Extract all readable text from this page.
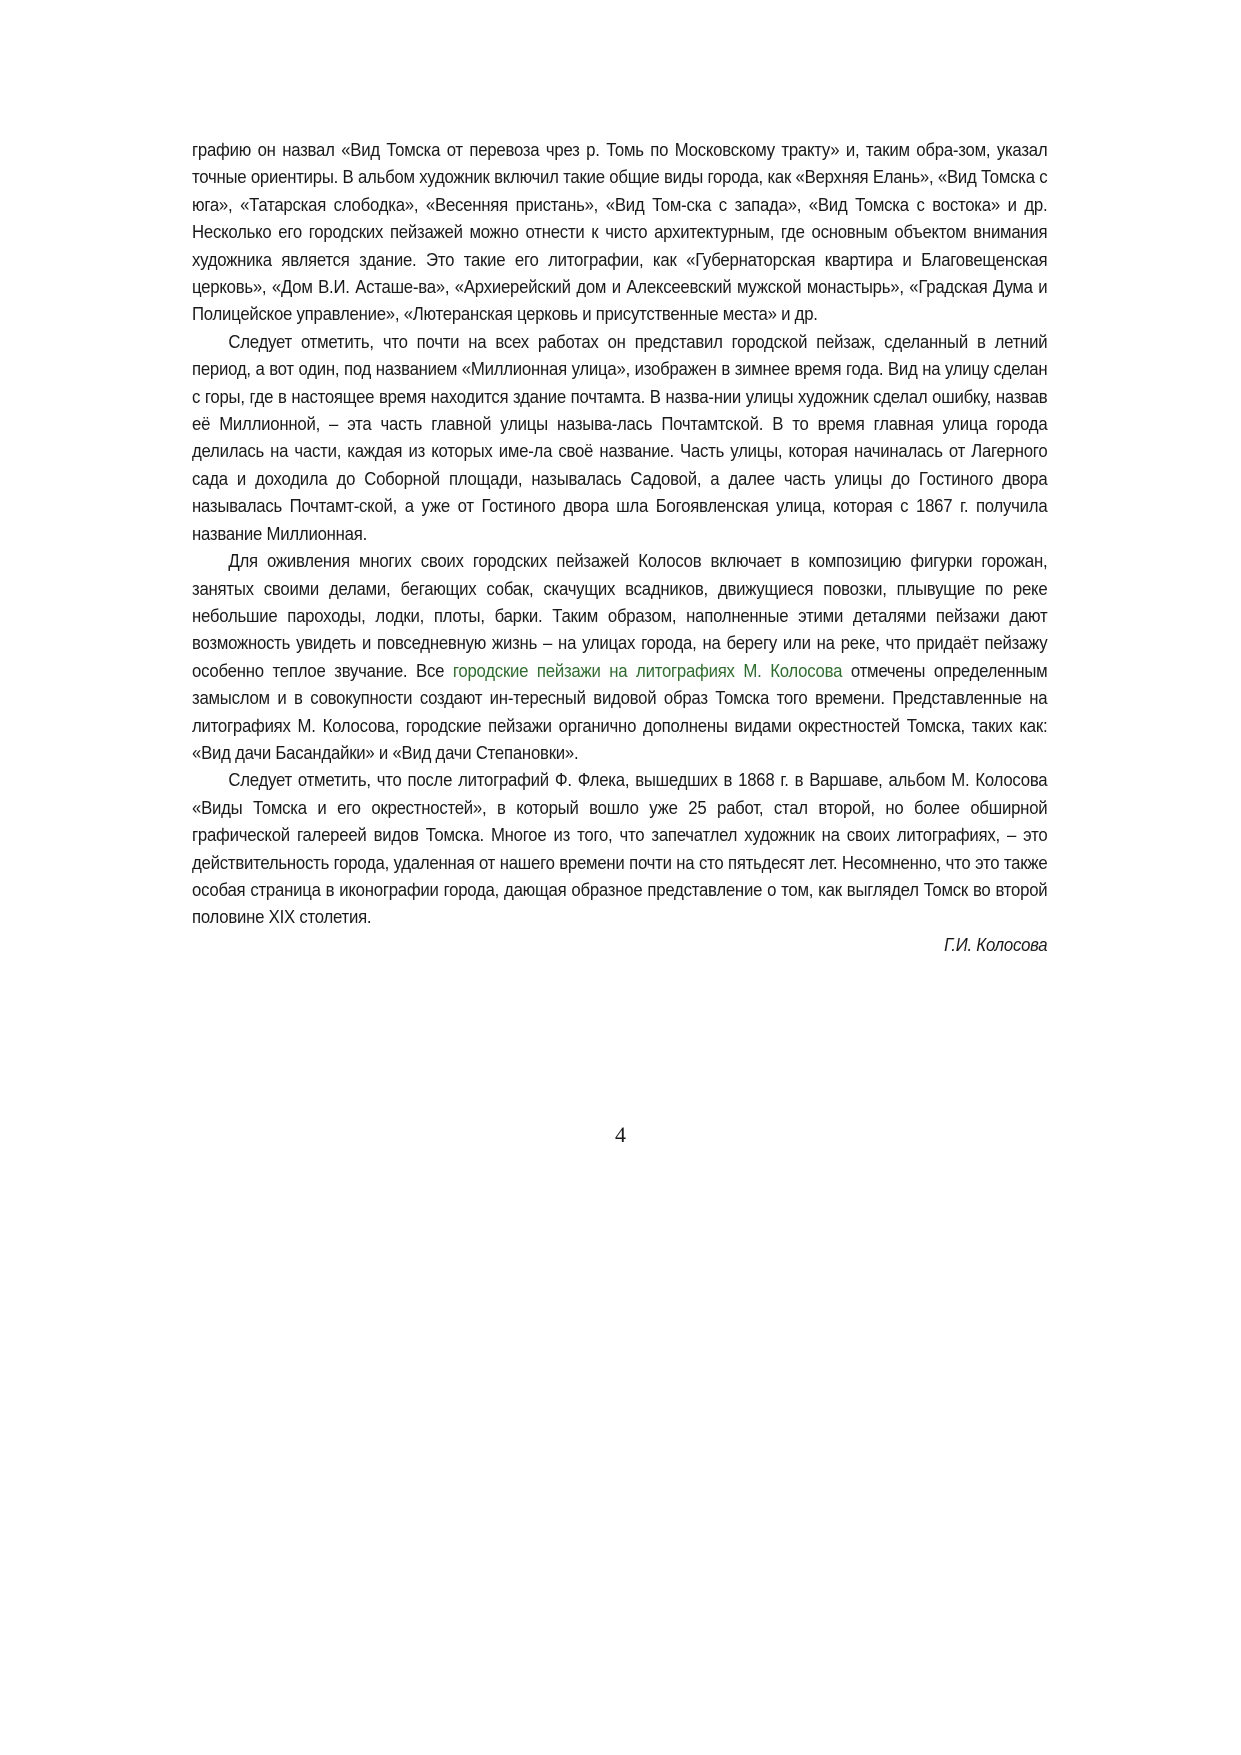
графию он назвал «Вид Томска от перевоза чрез р. Томь по Московскому тракту» и, таким обра-зом, указал точные ориентиры. В альбом художник включил такие общие виды города, как «Верхняя Елань», «Вид Томска с юга», «Татарская слободка», «Весенняя пристань», «Вид Том-ска с запада», «Вид Томска с востока» и др. Несколько его городских пейзажей можно отнести к чисто архитектурным, где основным объектом внимания художника является здание. Это такие его литографии, как «Губернаторская квартира и Благовещенская церковь», «Дом В.И. Асташе-ва», «Архиерейский дом и Алексеевский мужской монастырь», «Градская Дума и Полицейское управление», «Лютеранская церковь и присутственные места» и др.

Следует отметить, что почти на всех работах он представил городской пейзаж, сделанный в летний период, а вот один, под названием «Миллионная улица», изображен в зимнее время года. Вид на улицу сделан с горы, где в настоящее время находится здание почтамта. В назва-нии улицы художник сделал ошибку, назвав её Миллионной, – эта часть главной улицы называ-лась Почтамтской. В то время главная улица города делилась на части, каждая из которых име-ла своё название. Часть улицы, которая начиналась от Лагерного сада и доходила до Соборной площади, называлась Садовой, а далее часть улицы до Гостиного двора называлась Почтамт-ской, а уже от Гостиного двора шла Богоявленская улица, которая с 1867 г. получила название Миллионная.

Для оживления многих своих городских пейзажей Колосов включает в композицию фигурки горожан, занятых своими делами, бегающих собак, скачущих всадников, движущиеся повозки, плывущие по реке небольшие пароходы, лодки, плоты, барки. Таким образом, наполненные этими деталями пейзажи дают возможность увидеть и повседневную жизнь – на улицах города, на берегу или на реке, что придаёт пейзажу особенно теплое звучание. Все городские пейзажи на литографиях М. Колосова отмечены определенным замыслом и в совокупности создают ин-тересный видовой образ Томска того времени. Представленные на литографиях М. Колосова, городские пейзажи органично дополнены видами окрестностей Томска, таких как: «Вид дачи Басандайки» и «Вид дачи Степановки».

Следует отметить, что после литографий Ф. Флека, вышедших в 1868 г. в Варшаве, альбом М. Колосова «Виды Томска и его окрестностей», в который вошло уже 25 работ, стал второй, но более обширной графической галереей видов Томска. Многое из того, что запечатлел художник на своих литографиях, – это действительность города, удаленная от нашего времени почти на сто пятьдесят лет. Несомненно, что это также особая страница в иконографии города, дающая образное представление о том, как выглядел Томск во второй половине XIX столетия.

Г.И. Колосова

4
